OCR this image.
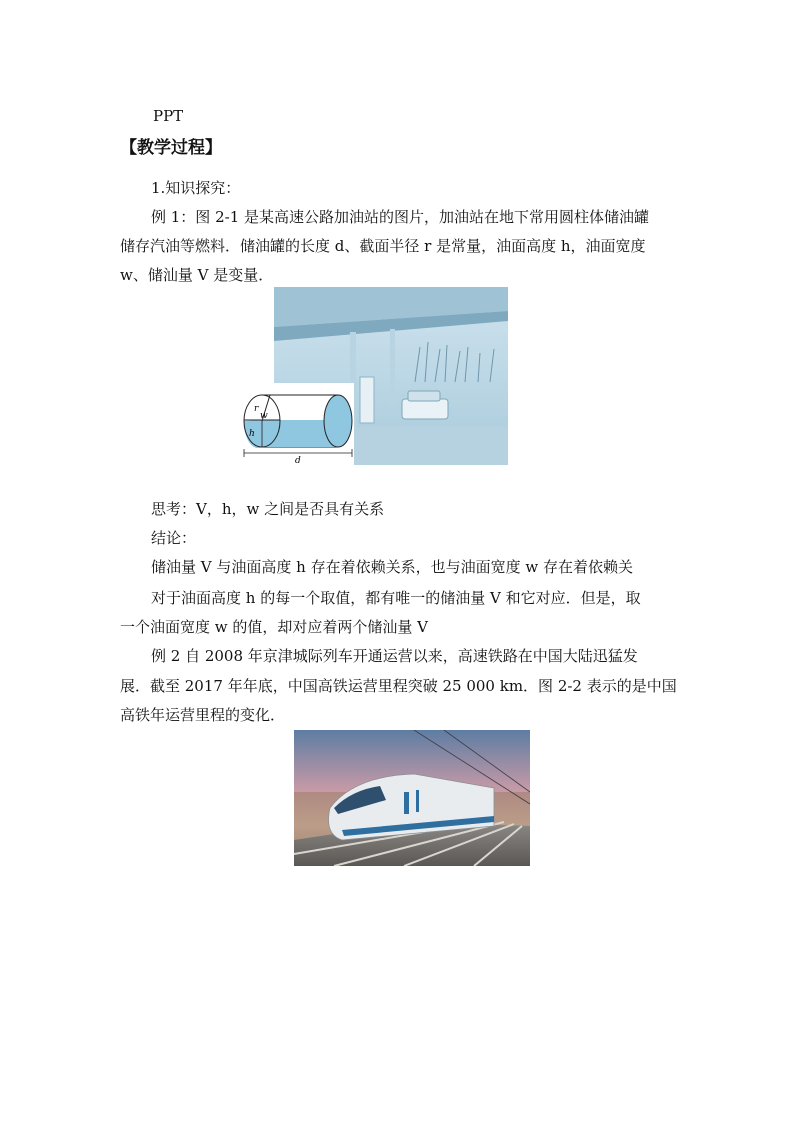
PPT
【教学过程】
1.知识探究：
例 1：图 2-1 是某高速公路加油站的图片，加油站在地下常用圆柱体储油罐
储存汽油等燃料．储油罐的长度 d、截面半径 r 是常量，油面高度 h，油面宽度
w、储汕量 V 是变量．
r
w
h
d
思考：V，h，w 之间是否具有关系
结论：
储油量 V 与油面高度 h 存在着依赖关系，也与油面宽度 w 存在着依赖关
对于油面高度 h 的每一个取值，都有唯一的储油量 V 和它对应．但是，取
一个油面宽度 w 的值，却对应着两个储汕量 V
例 2 自 2008 年京津城际列车开通运营以来，高速铁路在中国大陆迅猛发
展．截至 2017 年年底，中国高铁运营里程突破 25 000 km．图 2-2 表示的是中国
高铁年运营里程的变化．
